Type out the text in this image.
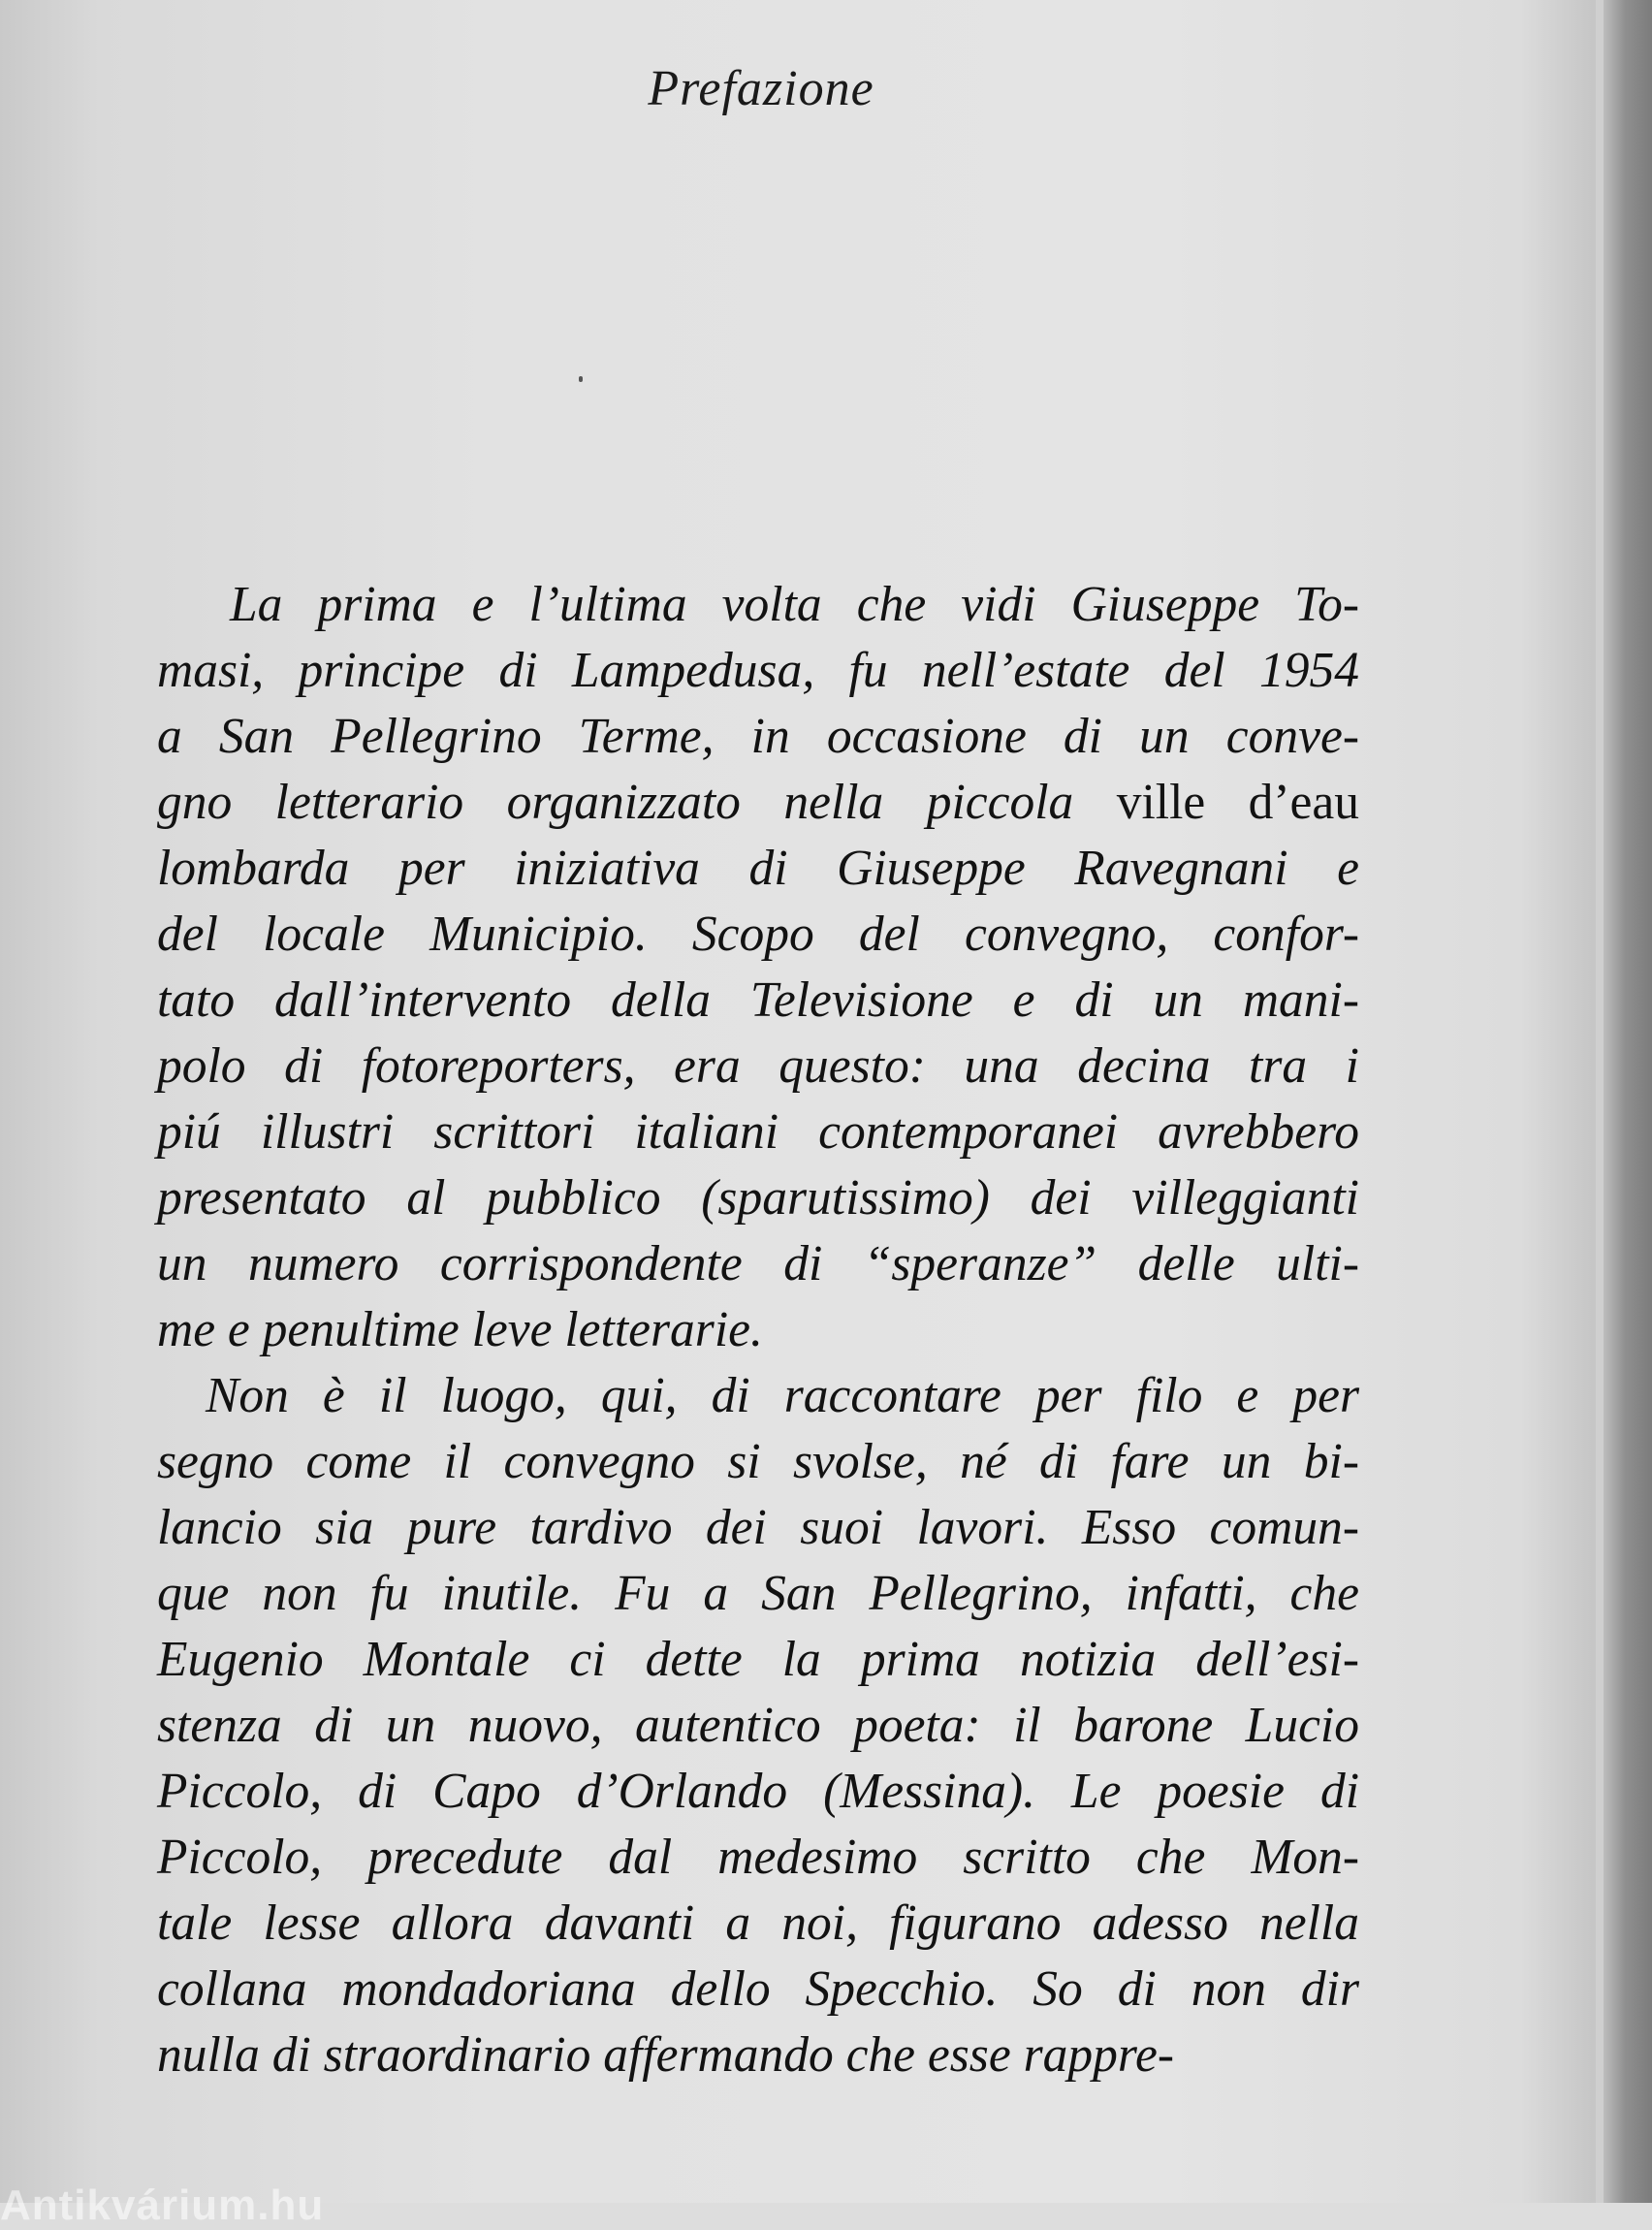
Prefazione
La prima e l’ultima volta che vidi Giuseppe To-
masi, principe di Lampedusa, fu nell’estate del 1954
a San Pellegrino Terme, in occasione di un conve-
gno letterario organizzato nella piccola ville d’eau
lombarda per iniziativa di Giuseppe Ravegnani e
del locale Municipio. Scopo del convegno, confor-
tato dall’intervento della Televisione e di un mani-
polo di fotoreporters, era questo: una decina tra i
piú illustri scrittori italiani contemporanei avrebbero
presentato al pubblico (sparutissimo) dei villeggianti
un numero corrispondente di “speranze” delle ulti-
me e penultime leve letterarie.
Non è il luogo, qui, di raccontare per filo e per
segno come il convegno si svolse, né di fare un bi-
lancio sia pure tardivo dei suoi lavori. Esso comun-
que non fu inutile. Fu a San Pellegrino, infatti, che
Eugenio Montale ci dette la prima notizia dell’esi-
stenza di un nuovo, autentico poeta: il barone Lucio
Piccolo, di Capo d’Orlando (Messina). Le poesie di
Piccolo, precedute dal medesimo scritto che Mon-
tale lesse allora davanti a noi, figurano adesso nella
collana mondadoriana dello Specchio. So di non dir
nulla di straordinario affermando che esse rappre-
Antikvárium.hu
